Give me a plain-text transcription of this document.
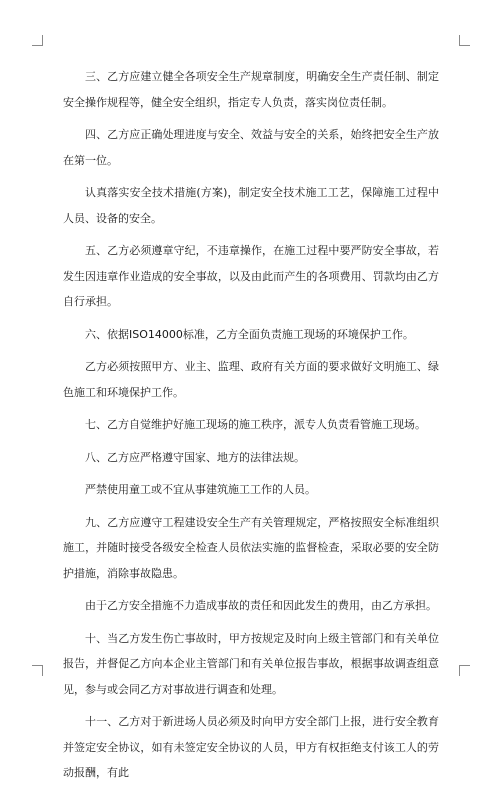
三、乙方应建立健全各项安全生产规章制度，明确安全生产责任制、制定安全操作规程等，健全安全组织，指定专人负责，落实岗位责任制。

四、乙方应正确处理进度与安全、效益与安全的关系，始终把安全生产放在第一位。

认真落实安全技术措施(方案)，制定安全技术施工工艺，保障施工过程中人员、设备的安全。

五、乙方必须遵章守纪，不违章操作，在施工过程中要严防安全事故，若发生因违章作业造成的安全事故，以及由此而产生的各项费用、罚款均由乙方自行承担。

六、依据ISO14000标准，乙方全面负责施工现场的环境保护工作。

乙方必须按照甲方、业主、监理、政府有关方面的要求做好文明施工、绿色施工和环境保护工作。

七、乙方自觉维护好施工现场的施工秩序，派专人负责看管施工现场。

八、乙方应严格遵守国家、地方的法律法规。

严禁使用童工或不宜从事建筑施工工作的人员。

九、乙方应遵守工程建设安全生产有关管理规定，严格按照安全标准组织施工，并随时接受各级安全检查人员依法实施的监督检查，采取必要的安全防护措施，消除事故隐患。

由于乙方安全措施不力造成事故的责任和因此发生的费用，由乙方承担。

十、当乙方发生伤亡事故时，甲方按规定及时向上级主管部门和有关单位报告，并督促乙方向本企业主管部门和有关单位报告事故，根据事故调查组意见，参与或会同乙方对事故进行调查和处理。

十一、乙方对于新进场人员必须及时向甲方安全部门上报，进行安全教育并签定安全协议，如有未签定安全协议的人员，甲方有权拒绝支付该工人的劳动报酬，有此
